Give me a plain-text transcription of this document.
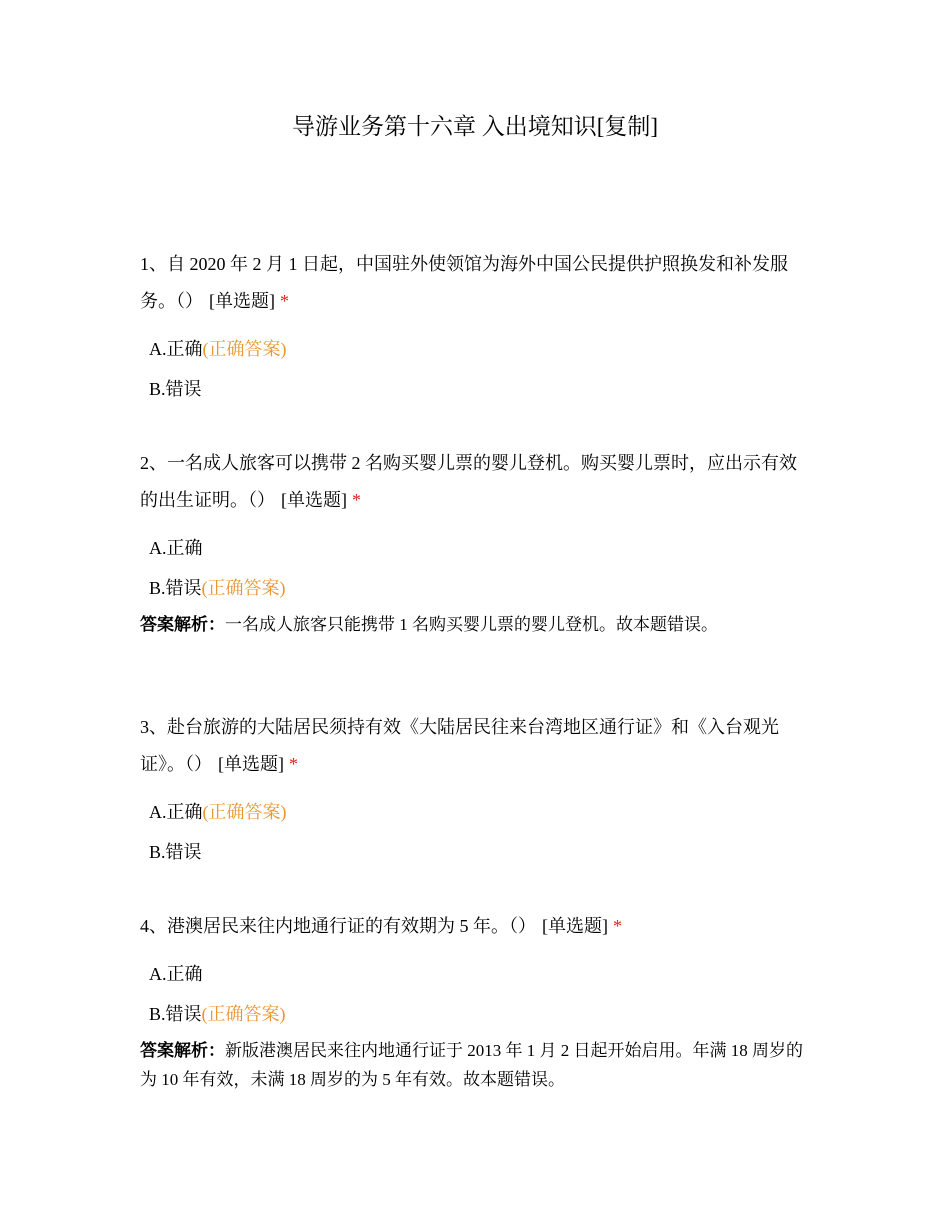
导游业务第十六章 入出境知识[复制]

1、自 2020 年 2 月 1 日起，中国驻外使领馆为海外中国公民提供护照换发和补发服务。（） [单选题] *

A.正确(正确答案)
B.错误

2、一名成人旅客可以携带 2 名购买婴儿票的婴儿登机。购买婴儿票时，应出示有效的出生证明。（） [单选题] *

A.正确
B.错误(正确答案)

答案解析：一名成人旅客只能携带 1 名购买婴儿票的婴儿登机。故本题错误。

3、赴台旅游的大陆居民须持有效《大陆居民往来台湾地区通行证》和《入台观光证》。（） [单选题] *

A.正确(正确答案)
B.错误

4、港澳居民来往内地通行证的有效期为 5 年。（） [单选题] *

A.正确
B.错误(正确答案)

答案解析：新版港澳居民来往内地通行证于 2013 年 1 月 2 日起开始启用。年满 18 周岁的为 10 年有效，未满 18 周岁的为 5 年有效。故本题错误。
